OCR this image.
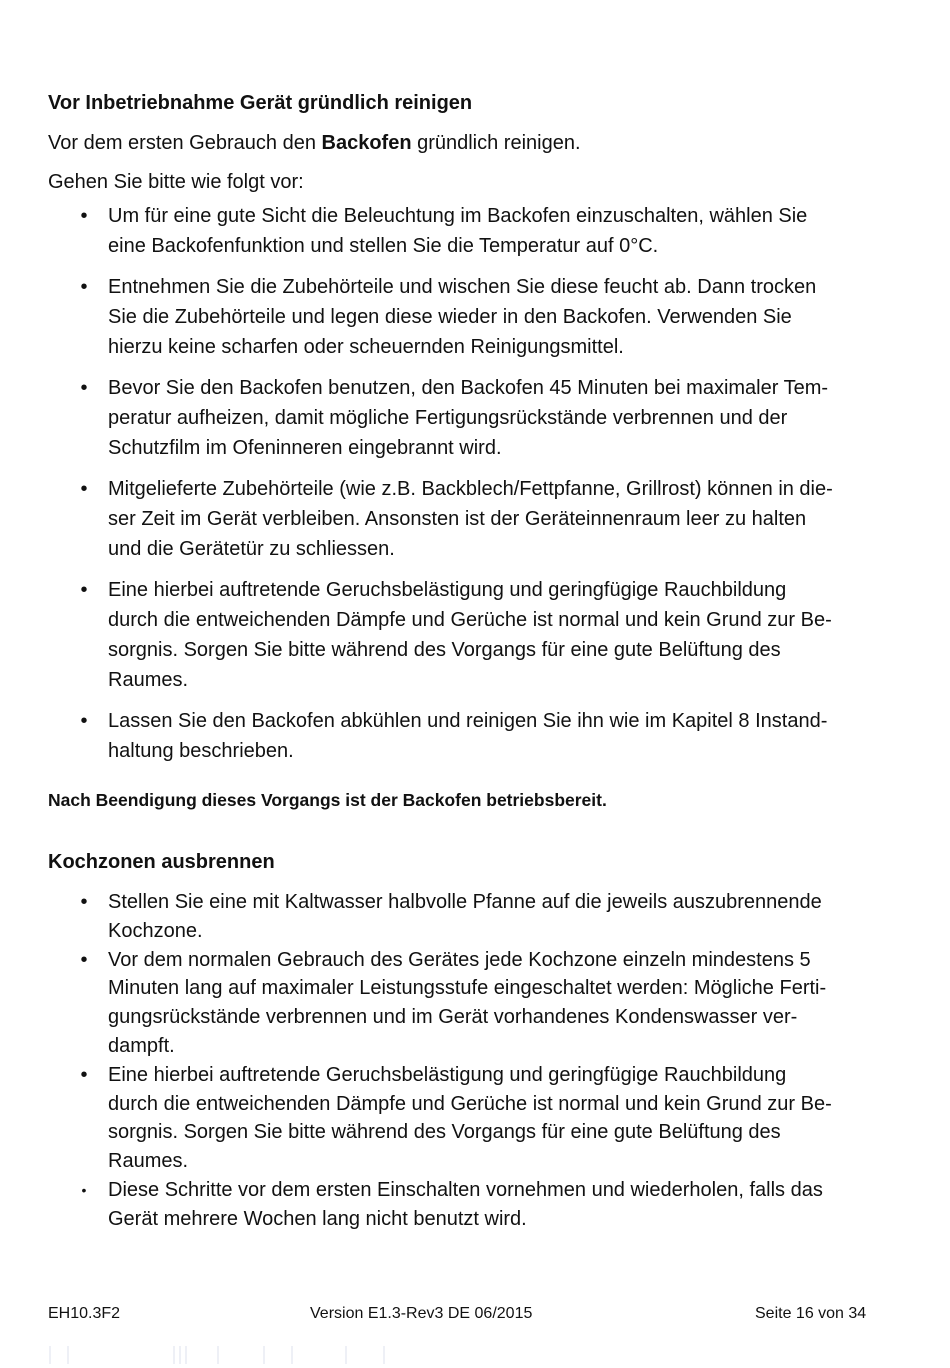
Vor Inbetriebnahme Gerät gründlich reinigen

Vor dem ersten Gebrauch den Backofen gründlich reinigen.

Gehen Sie bitte wie folgt vor:

• Um für eine gute Sicht die Beleuchtung im Backofen einzuschalten, wählen Sie
eine Backofenfunktion und stellen Sie die Temperatur auf 0°C.
• Entnehmen Sie die Zubehörteile und wischen Sie diese feucht ab. Dann trocken
Sie die Zubehörteile und legen diese wieder in den Backofen. Verwenden Sie
hierzu keine scharfen oder scheuernden Reinigungsmittel.
• Bevor Sie den Backofen benutzen, den Backofen 45 Minuten bei maximaler Tem-
peratur aufheizen, damit mögliche Fertigungsrückstände verbrennen und der
Schutzfilm im Ofeninneren eingebrannt wird.
• Mitgelieferte Zubehörteile (wie z.B. Backblech/Fettpfanne, Grillrost) können in die-
ser Zeit im Gerät verbleiben. Ansonsten ist der Geräteinnenraum leer zu halten
und die Gerätetür zu schliessen.
• Eine hierbei auftretende Geruchsbelästigung und geringfügige Rauchbildung
durch die entweichenden Dämpfe und Gerüche ist normal und kein Grund zur Be-
sorgnis. Sorgen Sie bitte während des Vorgangs für eine gute Belüftung des
Raumes.
• Lassen Sie den Backofen abkühlen und reinigen Sie ihn wie im Kapitel 8 Instand-
haltung beschrieben.

Nach Beendigung dieses Vorgangs ist der Backofen betriebsbereit.

Kochzonen ausbrennen
• Stellen Sie eine mit Kaltwasser halbvolle Pfanne auf die jeweils auszubrennende
Kochzone.
• Vor dem normalen Gebrauch des Gerätes jede Kochzone einzeln mindestens 5
Minuten lang auf maximaler Leistungsstufe eingeschaltet werden: Mögliche Ferti-
gungsrückstände verbrennen und im Gerät vorhandenes Kondenswasser ver-
dampft.
• Eine hierbei auftretende Geruchsbelästigung und geringfügige Rauchbildung
durch die entweichenden Dämpfe und Gerüche ist normal und kein Grund zur Be-
sorgnis. Sorgen Sie bitte während des Vorgangs für eine gute Belüftung des
Raumes.
• Diese Schritte vor dem ersten Einschalten vornehmen und wiederholen, falls das
Gerät mehrere Wochen lang nicht benutzt wird.
EH10.3F2	Version E1.3-Rev3 DE 06/2015	Seite 16 von 34
